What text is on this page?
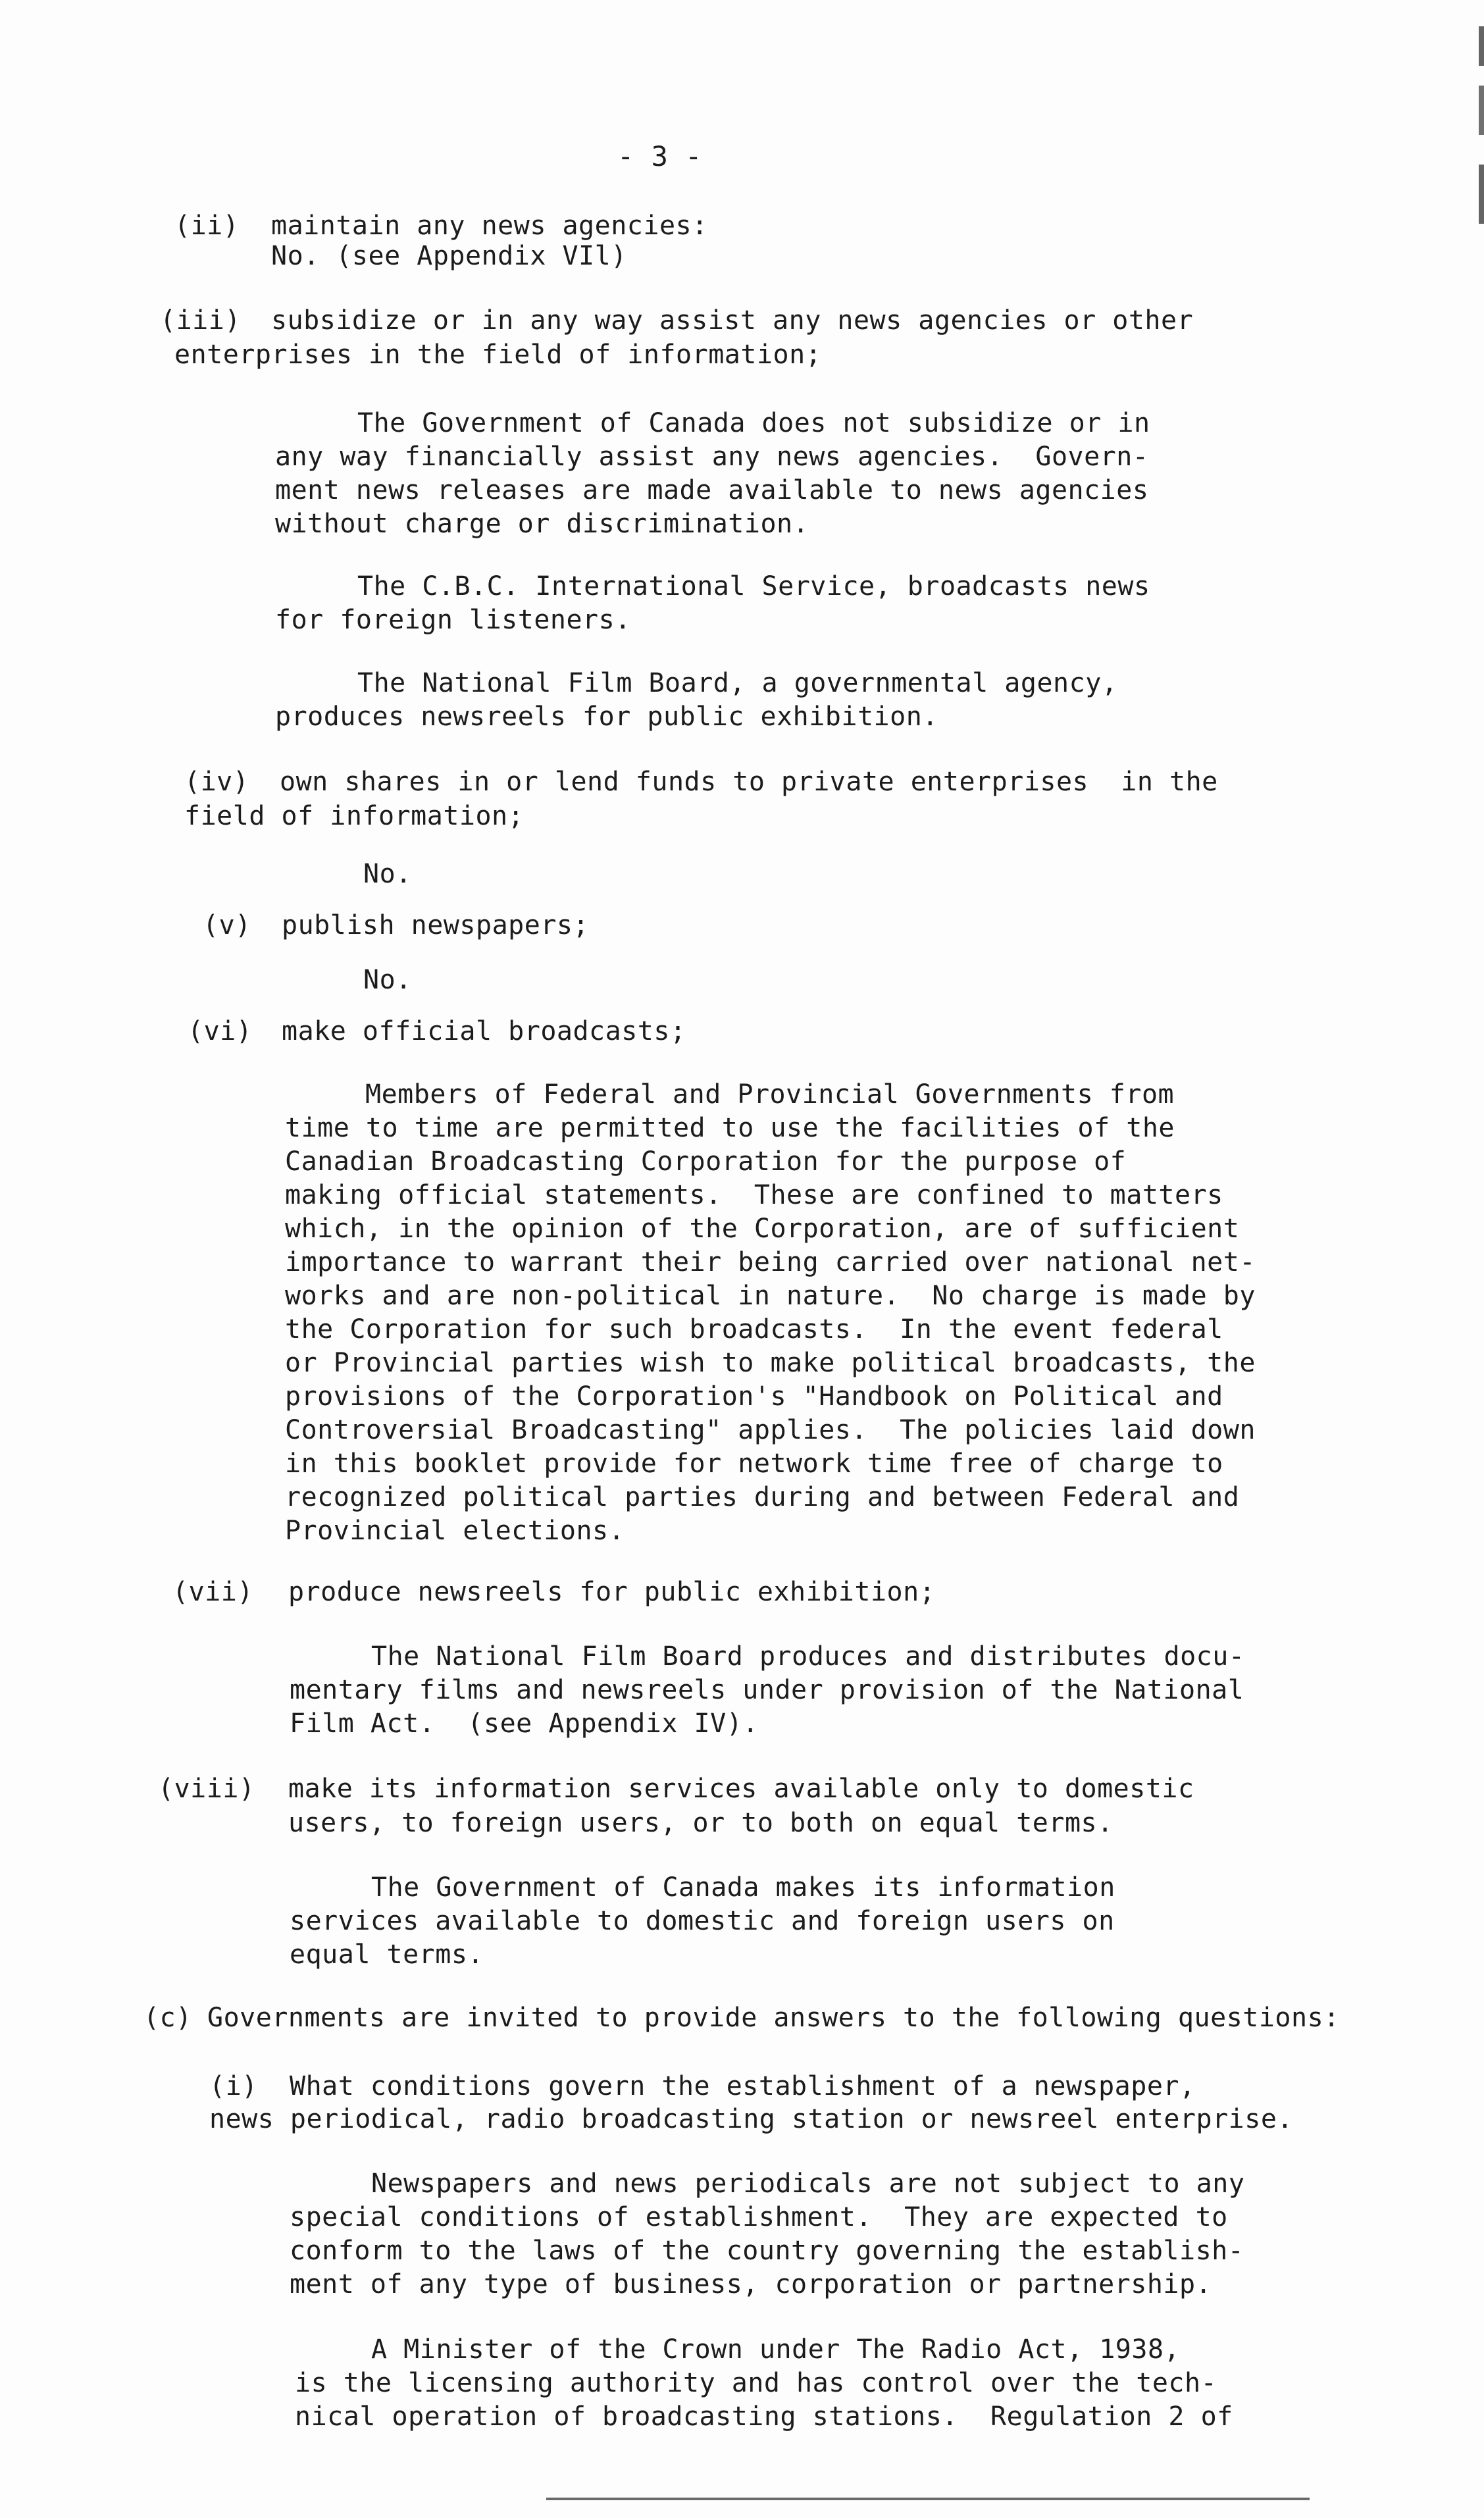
- 3 -
(ii) maintain any news agencies:
No. (see Appendix VIl)
(iii) subsidize or in any way assist any news agencies or other
enterprises in the field of information;
The Government of Canada does not subsidize or in
any way financially assist any news agencies.  Govern-
ment news releases are made available to news agencies
without charge or discrimination.
The C.B.C. International Service, broadcasts news
for foreign listeners.
The National Film Board, a governmental agency,
produces newsreels for public exhibition.
(iv) own shares in or lend funds to private enterprises  in the
field of information;
No.
(v) publish newspapers;
No.
(vi) make official broadcasts;
Members of Federal and Provincial Governments from
time to time are permitted to use the facilities of the
Canadian Broadcasting Corporation for the purpose of
making official statements.  These are confined to matters
which, in the opinion of the Corporation, are of sufficient
importance to warrant their being carried over national net-
works and are non-political in nature.  No charge is made by
the Corporation for such broadcasts.  In the event federal
or Provincial parties wish to make political broadcasts, the
provisions of the Corporation's "Handbook on Political and
Controversial Broadcasting" applies.  The policies laid down
in this booklet provide for network time free of charge to
recognized political parties during and between Federal and
Provincial elections.
(vii) produce newsreels for public exhibition;
The National Film Board produces and distributes docu-
mentary films and newsreels under provision of the National
Film Act.  (see Appendix IV).
(viii) make its information services available only to domestic
users, to foreign users, or to both on equal terms.
The Government of Canada makes its information
services available to domestic and foreign users on
equal terms.
(c) Governments are invited to provide answers to the following questions:
(i) What conditions govern the establishment of a newspaper,
news periodical, radio broadcasting station or newsreel enterprise.
Newspapers and news periodicals are not subject to any
special conditions of establishment.  They are expected to
conform to the laws of the country governing the establish-
ment of any type of business, corporation or partnership.
A Minister of the Crown under The Radio Act, 1938,
is the licensing authority and has control over the tech-
nical operation of broadcasting stations.  Regulation 2 of
